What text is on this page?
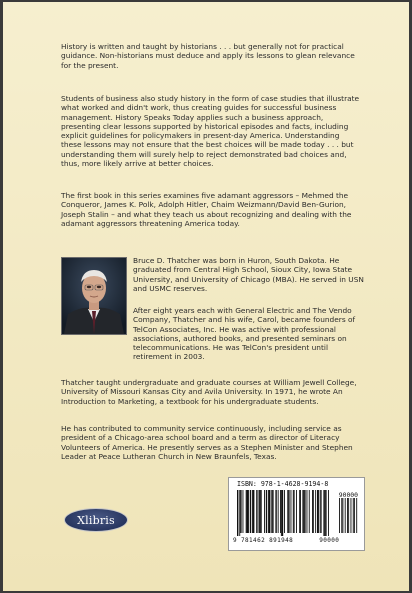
History is written and taught by historians . . . but generally not for practical guidance. Non-historians must deduce and apply its lessons to glean relevance for the present.

Students of business also study history in the form of case studies that illustrate what worked and didn't work, thus creating guides for successful business management. History Speaks Today applies such a business approach, presenting clear lessons supported by historical episodes and facts, including explicit guidelines for policymakers in present-day America. Understanding these lessons may not ensure that the best choices will be made today . . . but understanding them will surely help to reject demonstrated bad choices and, thus, more likely arrive at better choices.

The first book in this series examines five adamant aggressors – Mehmed the Conqueror, James K. Polk, Adolph Hitler, Chaim Weizmann/David Ben-Gurion, Joseph Stalin – and what they teach us about recognizing and dealing with the adamant aggressors threatening America today.

Bruce D. Thatcher was born in Huron, South Dakota. He graduated from Central High School, Sioux City, Iowa State University, and University of Chicago (MBA). He served in USN and USMC reserves.

After eight years each with General Electric and The Vendo Company, Thatcher and his wife, Carol, became founders of TelCon Associates, Inc. He was active with professional associations, authored books, and presented seminars on telecommunications. He was TelCon's president until retirement in 2003.

Thatcher taught undergraduate and graduate courses at William Jewell College, University of Missouri Kansas City and Avila University. In 1971, he wrote An Introduction to Marketing, a textbook for his undergraduate students.

He has contributed to community service continuously, including service as president of a Chicago-area school board and a term as director of Literacy Volunteers of America. He presently serves as a Stephen Minister and Stephen Leader at Peace Lutheran Church in New Braunfels, Texas.

Xlibris
ISBN: 978-1-4628-9194-8
90000
9 781462 891948	90000
